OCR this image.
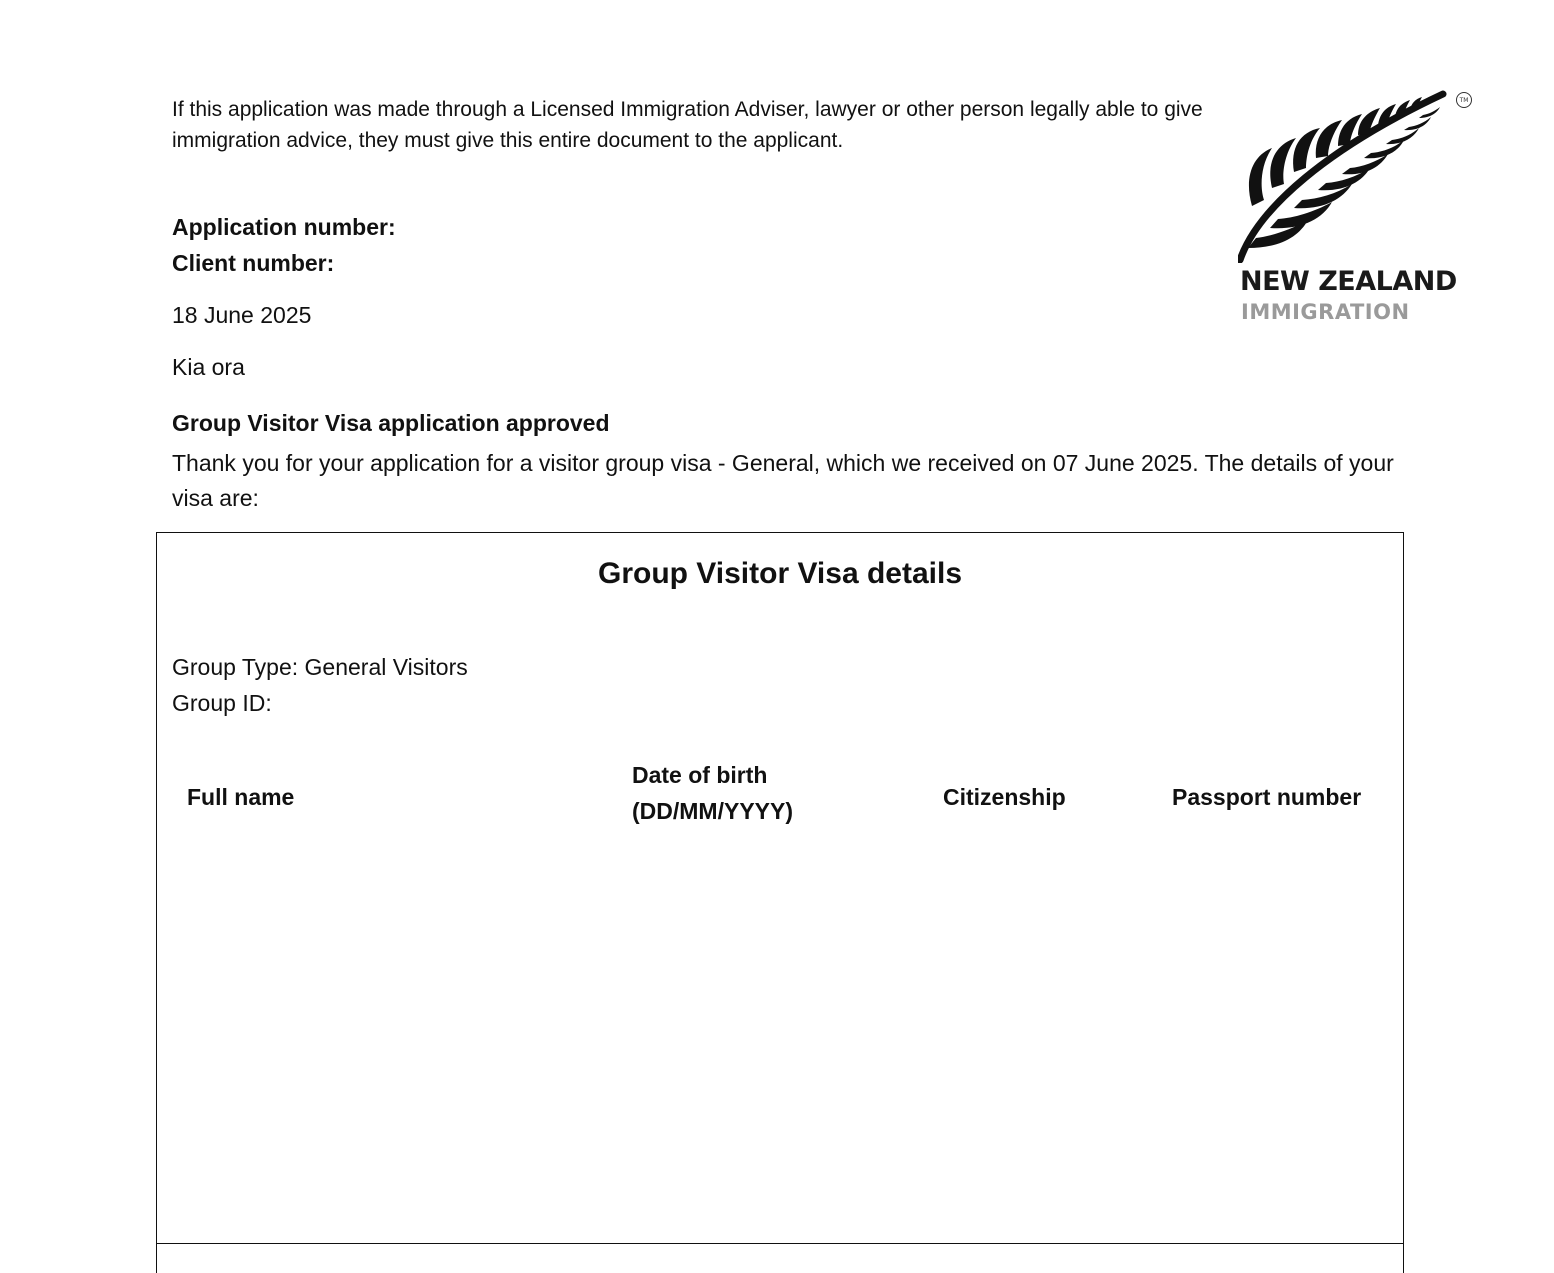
If this application was made through a Licensed Immigration Adviser, lawyer or other person legally able to give immigration advice, they must give this entire document to the applicant.

TM
NEW ZEALAND
IMMIGRATION

Application number:

Client number:

18 June 2025

Kia ora

Group Visitor Visa application approved

Thank you for your application for a visitor group visa - General, which we received on 07 June 2025. The details of your visa are:

Group Visitor Visa details

Group Type: General Visitors
Group ID:
Full name
Date of birth
(DD/MM/YYYY)
Citizenship	Passport number
